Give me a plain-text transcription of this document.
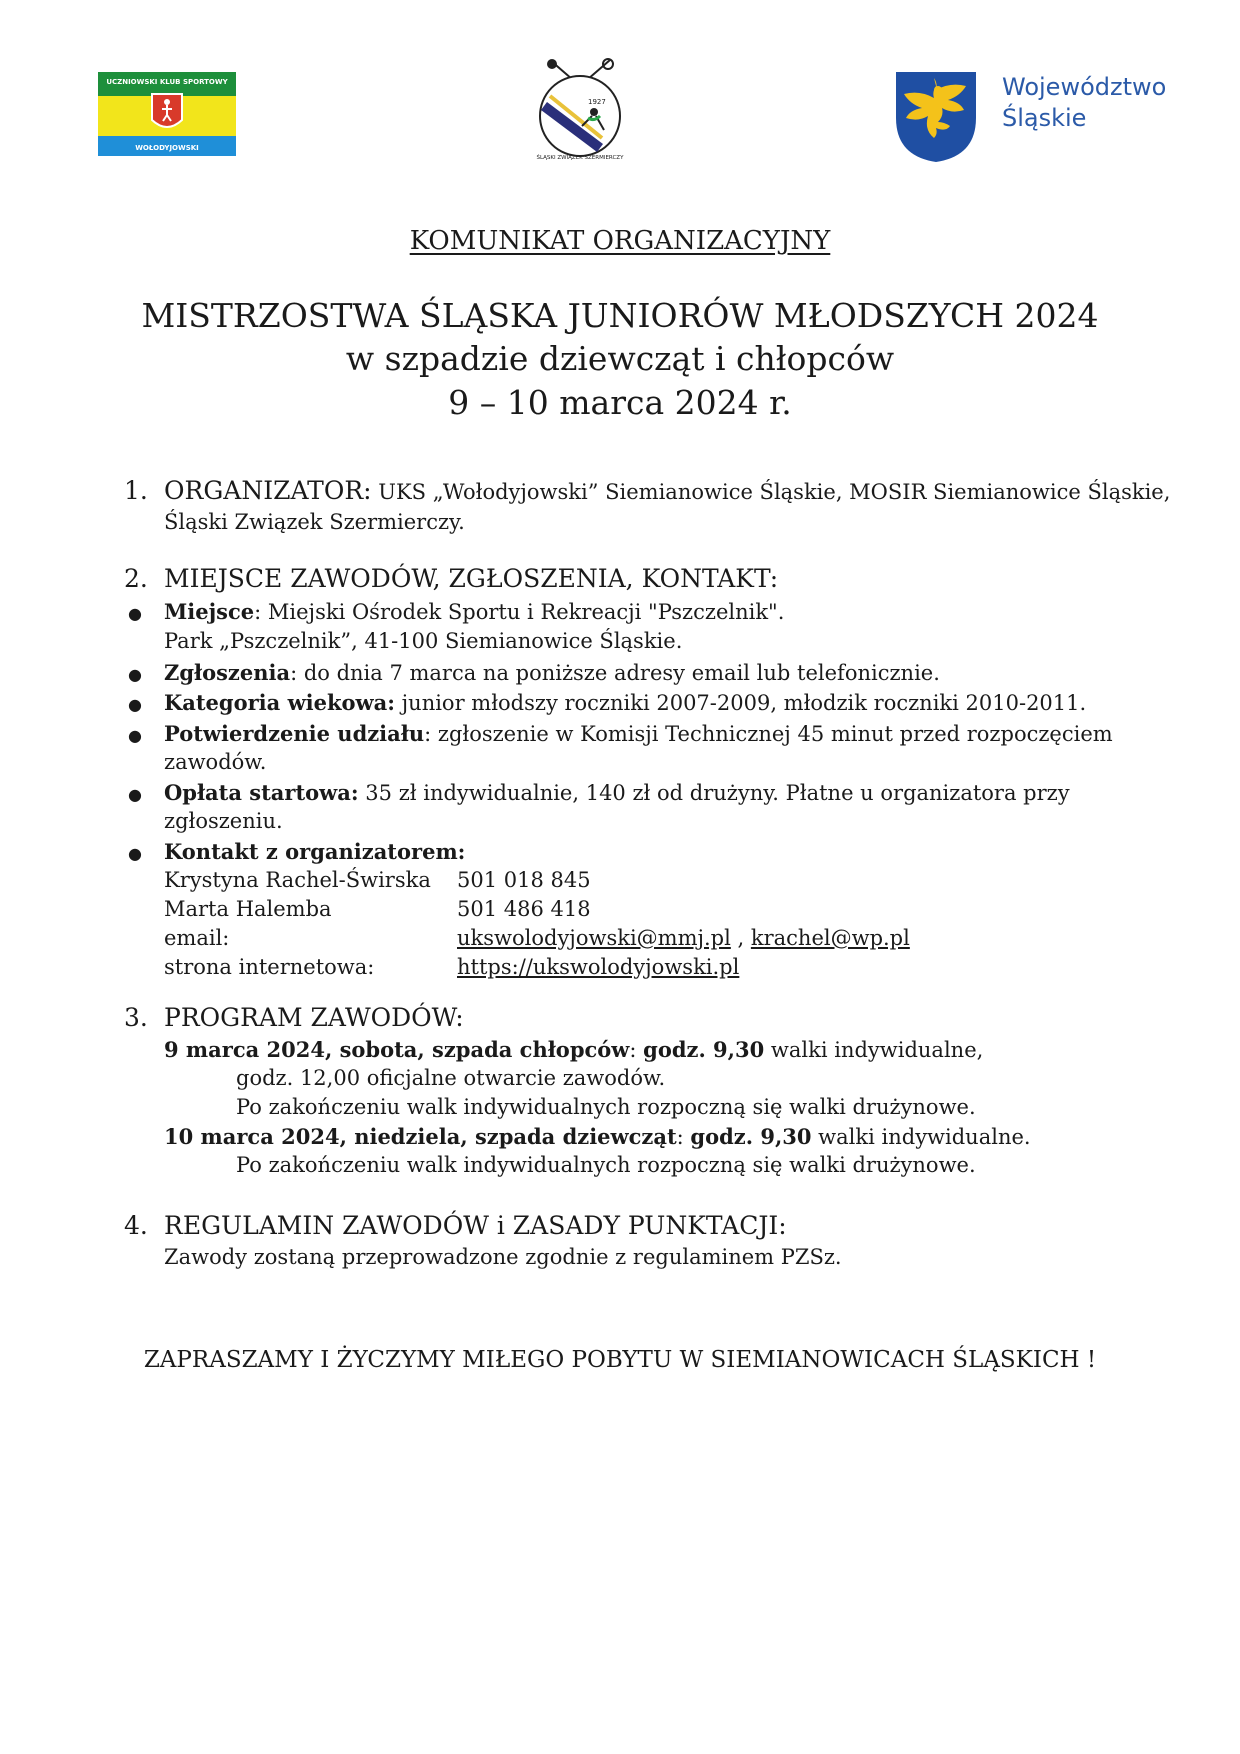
UCZNIOWSKI KLUB SPORTOWY
WOŁODYJOWSKI
1927
ŚLĄSKI ZWIĄZEK SZERMIERCZY
Województwo
Śląskie
KOMUNIKAT ORGANIZACYJNY
MISTRZOSTWA ŚLĄSKA JUNIORÓW MŁODSZYCH 2024
w szpadzie dziewcząt i chłopców
9 – 10 marca 2024 r.
1. ORGANIZATOR: UKS „Wołodyjowski” Siemianowice Śląskie, MOSIR Siemianowice Śląskie,
Śląski Związek Szermierczy.
2. MIEJSCE ZAWODÓW, ZGŁOSZENIA, KONTAKT:
● Miejsce: Miejski Ośrodek Sportu i Rekreacji "Pszczelnik".
Park „Pszczelnik”, 41-100 Siemianowice Śląskie.
● Zgłoszenia: do dnia 7 marca na poniższe adresy email lub telefonicznie.
● Kategoria wiekowa: junior młodszy roczniki 2007-2009, młodzik roczniki 2010-2011.
● Potwierdzenie udziału: zgłoszenie w Komisji Technicznej 45 minut przed rozpoczęciem
zawodów.
● Opłata startowa: 35 zł indywidualnie, 140 zł od drużyny. Płatne u organizatora przy
zgłoszeniu.
● Kontakt z organizatorem:
Krystyna Rachel-Świrska 501 018 845
Marta Halemba	501 486 418
email:	ukswolodyjowski@mmj.pl , krachel@wp.pl
strona internetowa:	https://ukswolodyjowski.pl
3. PROGRAM ZAWODÓW:
9 marca 2024, sobota, szpada chłopców: godz. 9,30 walki indywidualne,
godz. 12,00 oficjalne otwarcie zawodów.
Po zakończeniu walk indywidualnych rozpoczną się walki drużynowe.
10 marca 2024, niedziela, szpada dziewcząt: godz. 9,30 walki indywidualne.
Po zakończeniu walk indywidualnych rozpoczną się walki drużynowe.
4. REGULAMIN ZAWODÓW i ZASADY PUNKTACJI:
Zawody zostaną przeprowadzone zgodnie z regulaminem PZSz.
ZAPRASZAMY I ŻYCZYMY MIŁEGO POBYTU W SIEMIANOWICACH ŚLĄSKICH !
